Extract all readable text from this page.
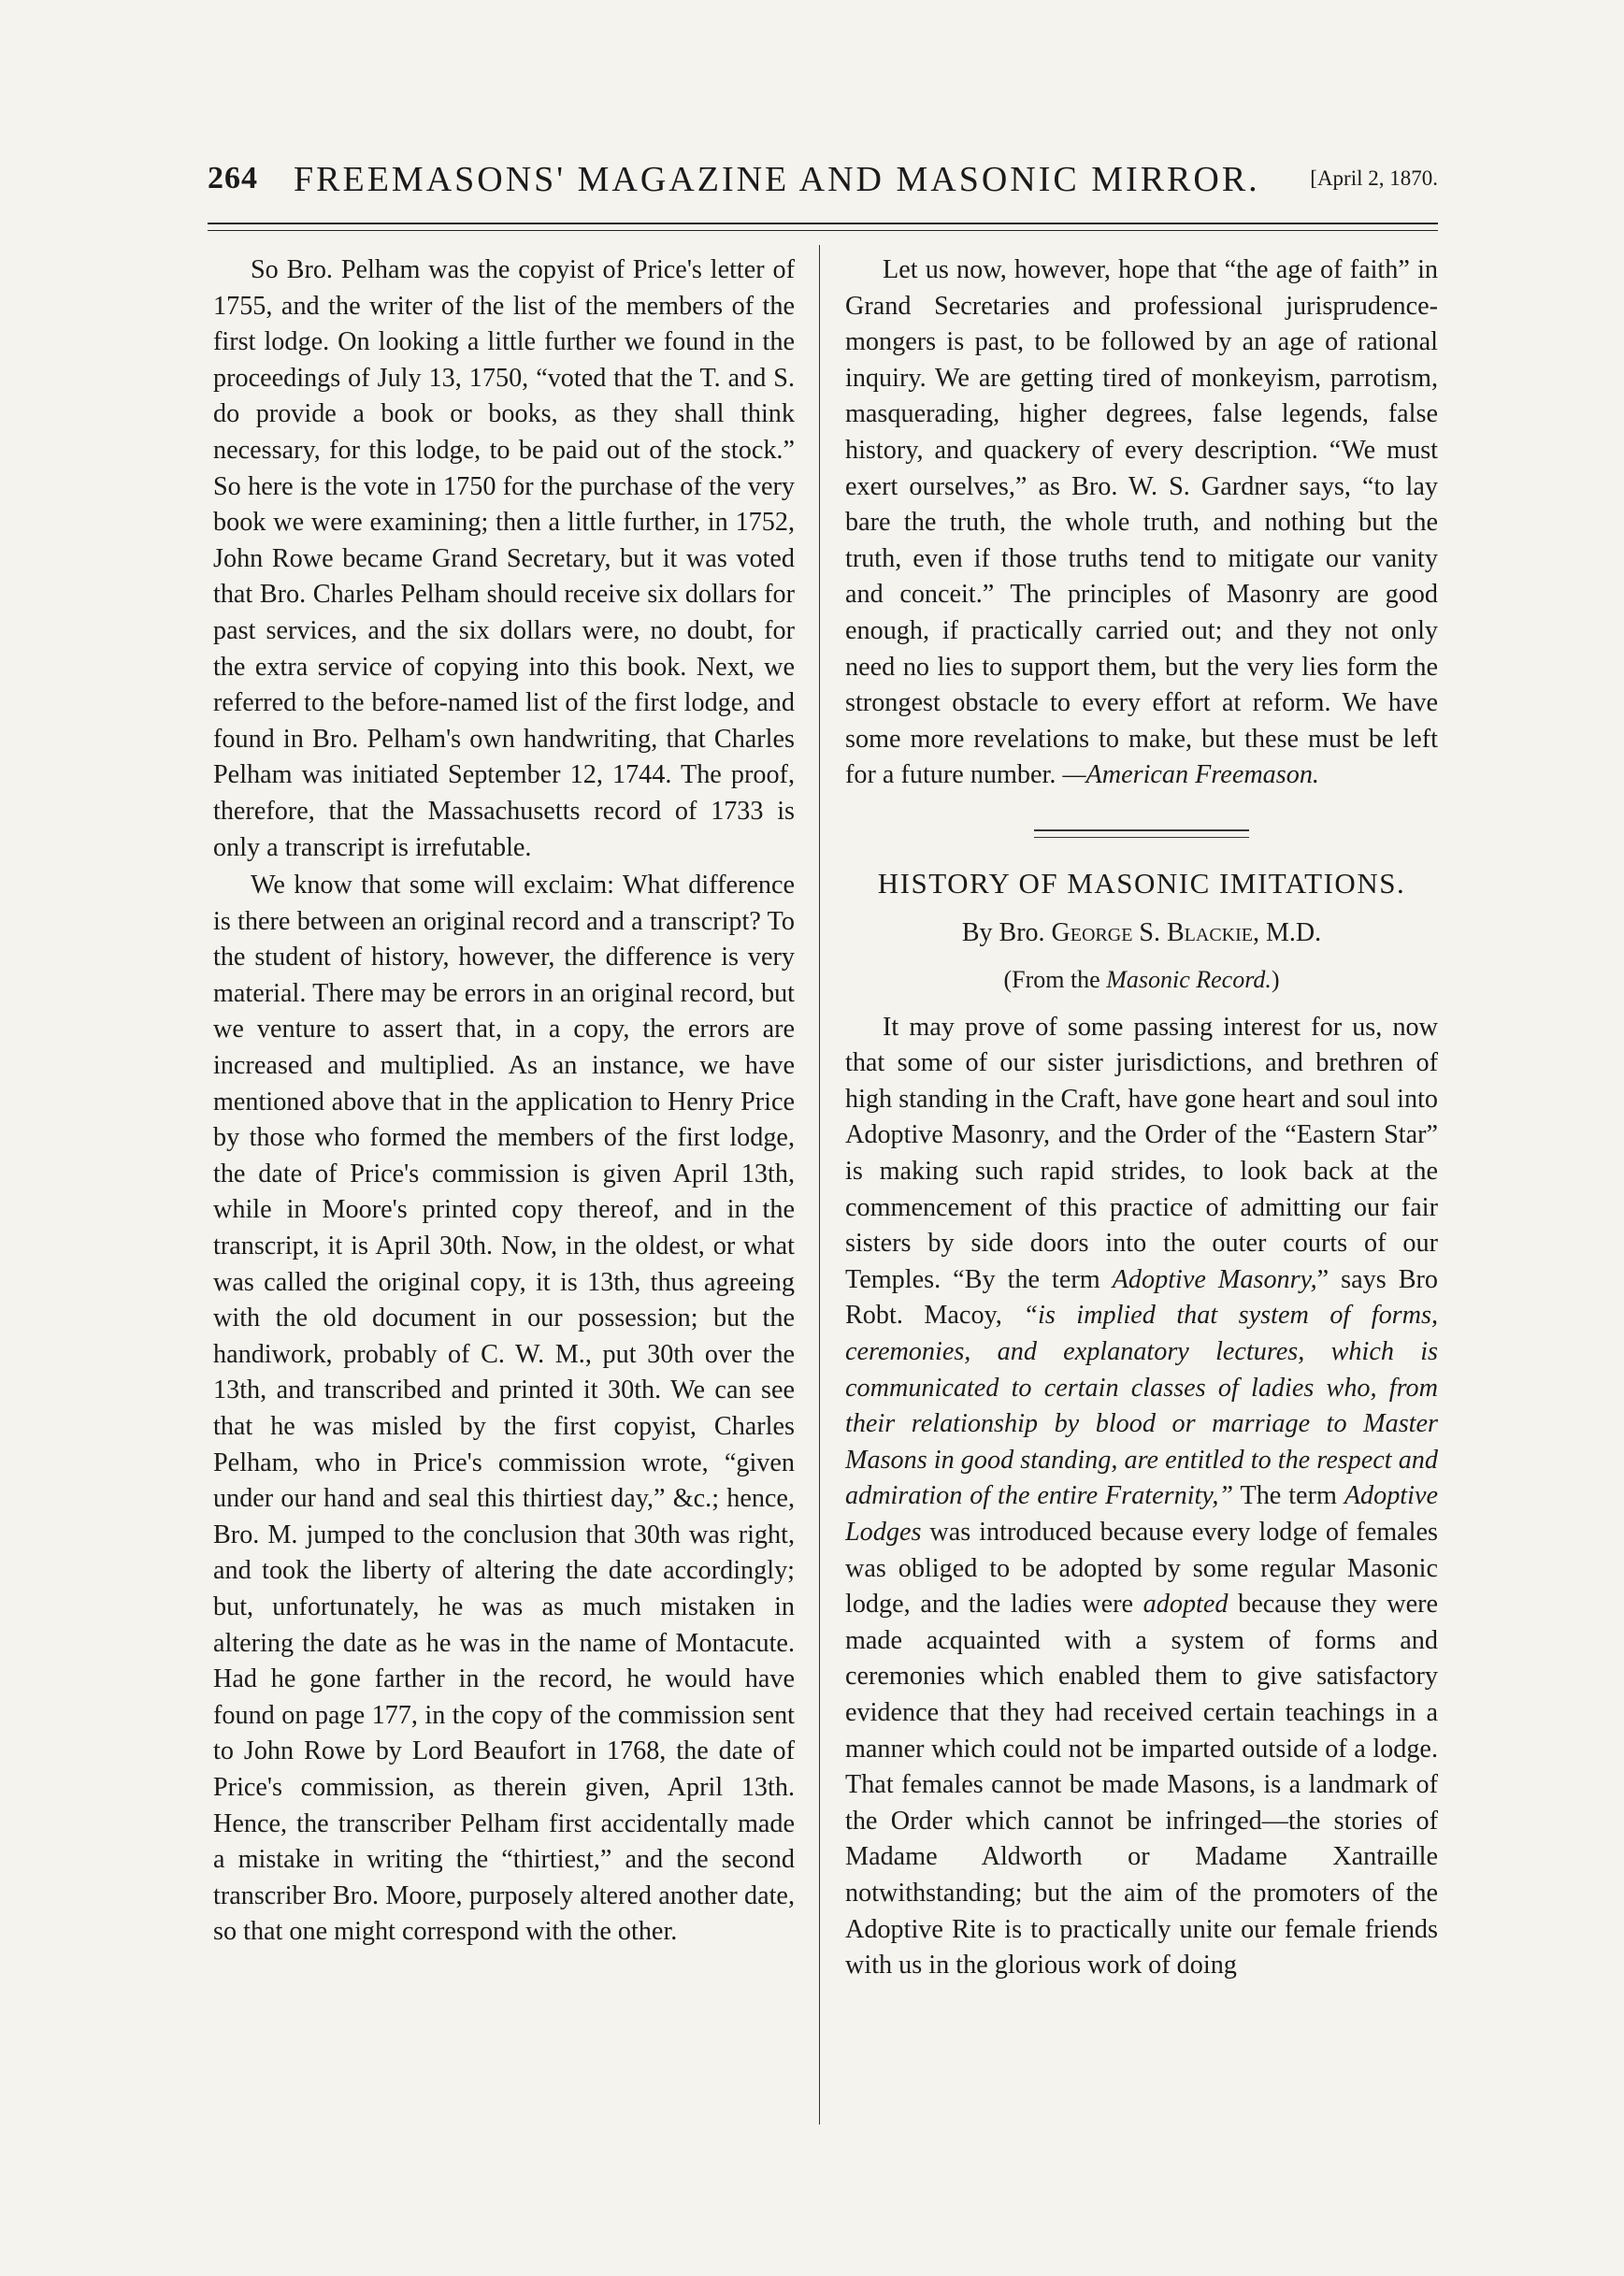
264 FREEMASONS' MAGAZINE AND MASONIC MIRROR. [April 2, 1870.

So Bro. Pelham was the copyist of Price's letter of 1755, and the writer of the list of the members of the first lodge. On looking a little further we found in the proceedings of July 13, 1750, “voted that the T. and S. do provide a book or books, as they shall think necessary, for this lodge, to be paid out of the stock.” So here is the vote in 1750 for the purchase of the very book we were examining; then a little further, in 1752, John Rowe became Grand Secretary, but it was voted that Bro. Charles Pelham should receive six dollars for past services, and the six dollars were, no doubt, for the extra service of copying into this book. Next, we referred to the before-named list of the first lodge, and found in Bro. Pelham's own handwriting, that Charles Pelham was initiated September 12, 1744. The proof, therefore, that the Massachusetts record of 1733 is only a transcript is irrefutable.

We know that some will exclaim: What difference is there between an original record and a transcript? To the student of history, however, the difference is very material. There may be errors in an original record, but we venture to assert that, in a copy, the errors are increased and multiplied. As an instance, we have mentioned above that in the application to Henry Price by those who formed the members of the first lodge, the date of Price's commission is given April 13th, while in Moore's printed copy thereof, and in the transcript, it is April 30th. Now, in the oldest, or what was called the original copy, it is 13th, thus agreeing with the old document in our possession; but the handiwork, probably of C. W. M., put 30th over the 13th, and transcribed and printed it 30th. We can see that he was misled by the first copyist, Charles Pelham, who in Price's commission wrote, “given under our hand and seal this thirtiest day,” &c.; hence, Bro. M. jumped to the conclusion that 30th was right, and took the liberty of altering the date accordingly; but, unfortunately, he was as much mistaken in altering the date as he was in the name of Montacute. Had he gone farther in the record, he would have found on page 177, in the copy of the commission sent to John Rowe by Lord Beaufort in 1768, the date of Price's commission, as therein given, April 13th. Hence, the transcriber Pelham first accidentally made a mistake in writing the “thirtiest,” and the second transcriber Bro. Moore, purposely altered another date, so that one might correspond with the other.

Let us now, however, hope that “the age of faith” in Grand Secretaries and professional jurisprudence-mongers is past, to be followed by an age of rational inquiry. We are getting tired of monkeyism, parrotism, masquerading, higher degrees, false legends, false history, and quackery of every description. “We must exert ourselves,” as Bro. W. S. Gardner says, “to lay bare the truth, the whole truth, and nothing but the truth, even if those truths tend to mitigate our vanity and conceit.” The principles of Masonry are good enough, if practically carried out; and they not only need no lies to support them, but the very lies form the strongest obstacle to every effort at reform. We have some more revelations to make, but these must be left for a future number. —American Freemason.

HISTORY OF MASONIC IMITATIONS.
By Bro. George S. Blackie, M.D.
(From the Masonic Record.)

It may prove of some passing interest for us, now that some of our sister jurisdictions, and brethren of high standing in the Craft, have gone heart and soul into Adoptive Masonry, and the Order of the “Eastern Star” is making such rapid strides, to look back at the commencement of this practice of admitting our fair sisters by side doors into the outer courts of our Temples. “By the term Adoptive Masonry,” says Bro Robt. Macoy, “is implied that system of forms, ceremonies, and explanatory lectures, which is communicated to certain classes of ladies who, from their relationship by blood or marriage to Master Masons in good standing, are entitled to the respect and admiration of the entire Fraternity,” The term Adoptive Lodges was introduced because every lodge of females was obliged to be adopted by some regular Masonic lodge, and the ladies were adopted because they were made acquainted with a system of forms and ceremonies which enabled them to give satisfactory evidence that they had received certain teachings in a manner which could not be imparted outside of a lodge. That females cannot be made Masons, is a landmark of the Order which cannot be infringed—the stories of Madame Aldworth or Madame Xantraille notwithstanding; but the aim of the promoters of the Adoptive Rite is to practically unite our female friends with us in the glorious work of doing
